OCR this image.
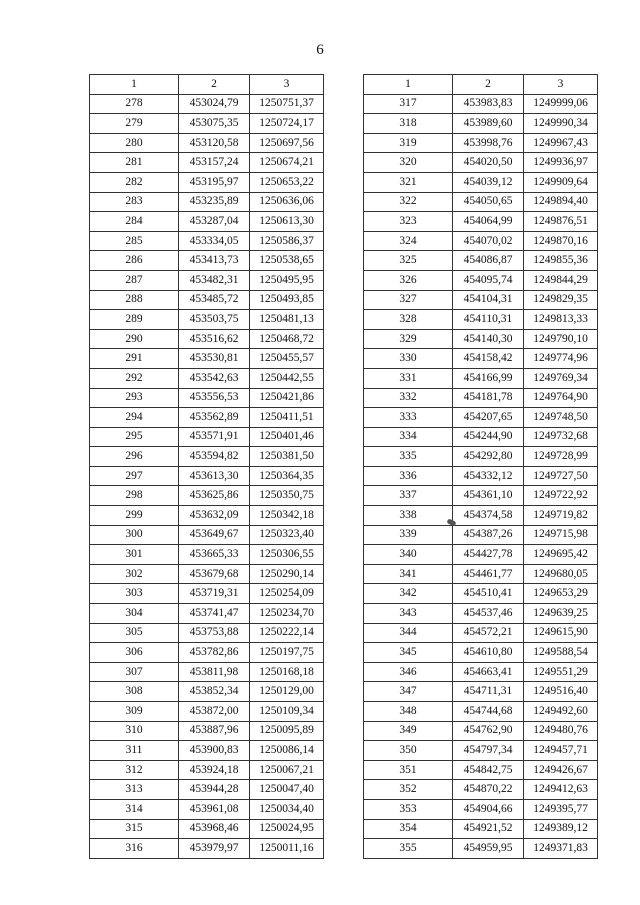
6
1	2	3
278	453024,79	1250751,37
279	453075,35	1250724,17
280	453120,58	1250697,56
281	453157,24	1250674,21
282	453195,97	1250653,22
283	453235,89	1250636,06
284	453287,04	1250613,30
285	453334,05	1250586,37
286	453413,73	1250538,65
287	453482,31	1250495,95
288	453485,72	1250493,85
289	453503,75	1250481,13
290	453516,62	1250468,72
291	453530,81	1250455,57
292	453542,63	1250442,55
293	453556,53	1250421,86
294	453562,89	1250411,51
295	453571,91	1250401,46
296	453594,82	1250381,50
297	453613,30	1250364,35
298	453625,86	1250350,75
299	453632,09	1250342,18
300	453649,67	1250323,40
301	453665,33	1250306,55
302	453679,68	1250290,14
303	453719,31	1250254,09
304	453741,47	1250234,70
305	453753,88	1250222,14
306	453782,86	1250197,75
307	453811,98	1250168,18
308	453852,34	1250129,00
309	453872,00	1250109,34
310	453887,96	1250095,89
311	453900,83	1250086,14
312	453924,18	1250067,21
313	453944,28	1250047,40
314	453961,08	1250034,40
315	453968,46	1250024,95
316	453979,97	1250011,16
1	2	3
317	453983,83	1249999,06
318	453989,60	1249990,34
319	453998,76	1249967,43
320	454020,50	1249936,97
321	454039,12	1249909,64
322	454050,65	1249894,40
323	454064,99	1249876,51
324	454070,02	1249870,16
325	454086,87	1249855,36
326	454095,74	1249844,29
327	454104,31	1249829,35
328	454110,31	1249813,33
329	454140,30	1249790,10
330	454158,42	1249774,96
331	454166,99	1249769,34
332	454181,78	1249764,90
333	454207,65	1249748,50
334	454244,90	1249732,68
335	454292,80	1249728,99
336	454332,12	1249727,50
337	454361,10	1249722,92
338	454374,58	1249719,82
339	454387,26	1249715,98
340	454427,78	1249695,42
341	454461,77	1249680,05
342	454510,41	1249653,29
343	454537,46	1249639,25
344	454572,21	1249615,90
345	454610,80	1249588,54
346	454663,41	1249551,29
347	454711,31	1249516,40
348	454744,68	1249492,60
349	454762,90	1249480,76
350	454797,34	1249457,71
351	454842,75	1249426,67
352	454870,22	1249412,63
353	454904,66	1249395,77
354	454921,52	1249389,12
355	454959,95	1249371,83
